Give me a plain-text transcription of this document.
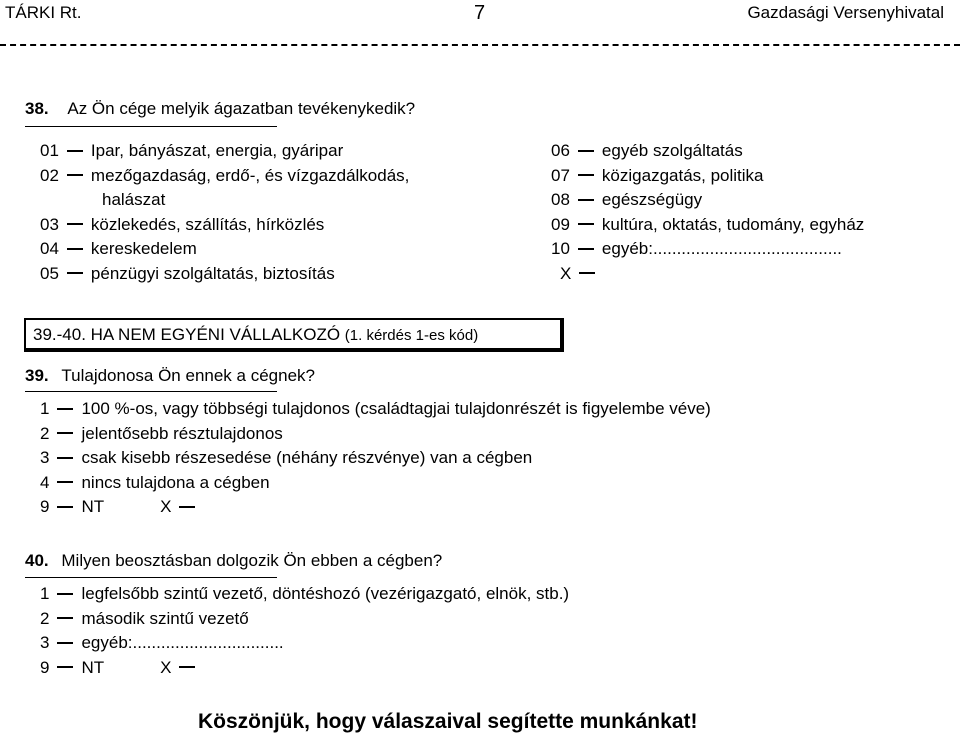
TÁRKI Rt.	7	Gazdasági Versenyhivatal
38. Az Ön cége melyik ágazatban tevékenykedik?
01 Ipar, bányászat, energia, gyáripar
02 mezőgazdaság, erdő-, és vízgazdálkodás,
halászat
03 közlekedés, szállítás, hírközlés
04 kereskedelem
05 pénzügyi szolgáltatás, biztosítás
06 egyéb szolgáltatás
07 közigazgatás, politika
08 egészségügy
09 kultúra, oktatás, tudomány, egyház
10 egyéb:........................................
X
39.-40. HA NEM EGYÉNI VÁLLALKOZÓ (1. kérdés 1-es kód)
39. Tulajdonosa Ön ennek a cégnek?
1 100 %-os, vagy többségi tulajdonos (családtagjai tulajdonrészét is figyelembe véve)
2 jelentősebb résztulajdonos
3 csak kisebb részesedése (néhány részvénye) van a cégben
4 nincs tulajdona a cégben
9 NT	X
40. Milyen beosztásban dolgozik Ön ebben a cégben?
1 legfelsőbb szintű vezető, döntéshozó (vezérigazgató, elnök, stb.)
2 második szintű vezető
3 egyéb:................................
9 NT	X
Köszönjük, hogy válaszaival segítette munkánkat!
